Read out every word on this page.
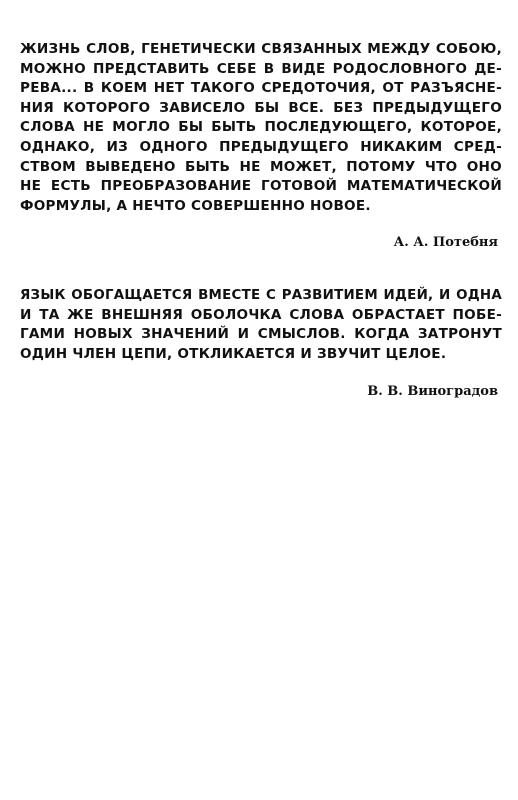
ЖИЗНЬ СЛОВ, ГЕНЕТИЧЕСКИ СВЯЗАННЫХ МЕЖДУ СОБОЮ,
МОЖНО ПРЕДСТАВИТЬ СЕБЕ В ВИДЕ РОДОСЛОВНОГО ДЕ-
РЕВА... В КОЕМ НЕТ ТАКОГО СРЕДОТОЧИЯ, ОТ РАЗЪЯСНЕ-
НИЯ КОТОРОГО ЗАВИСЕЛО БЫ ВСЕ. БЕЗ ПРЕДЫДУЩЕГО
СЛОВА НЕ МОГЛО БЫ БЫТЬ ПОСЛЕДУЮЩЕГО, КОТОРОЕ,
ОДНАКО, ИЗ ОДНОГО ПРЕДЫДУЩЕГО НИКАКИМ СРЕД-
СТВОМ ВЫВЕДЕНО БЫТЬ НЕ МОЖЕТ, ПОТОМУ ЧТО ОНО
НЕ ЕСТЬ ПРЕОБРАЗОВАНИЕ ГОТОВОЙ МАТЕМАТИЧЕСКОЙ
ФОРМУЛЫ, А НЕЧТО СОВЕРШЕННО НОВОЕ.
А. А. Потебня
ЯЗЫК ОБОГАЩАЕТСЯ ВМЕСТЕ С РАЗВИТИЕМ ИДЕЙ, И ОДНА
И ТА ЖЕ ВНЕШНЯЯ ОБОЛОЧКА СЛОВА ОБРАСТАЕТ ПОБЕ-
ГАМИ НОВЫХ ЗНАЧЕНИЙ И СМЫСЛОВ. КОГДА ЗАТРОНУТ
ОДИН ЧЛЕН ЦЕПИ, ОТКЛИКАЕТСЯ И ЗВУЧИТ ЦЕЛОЕ.
В. В. Виноградов
